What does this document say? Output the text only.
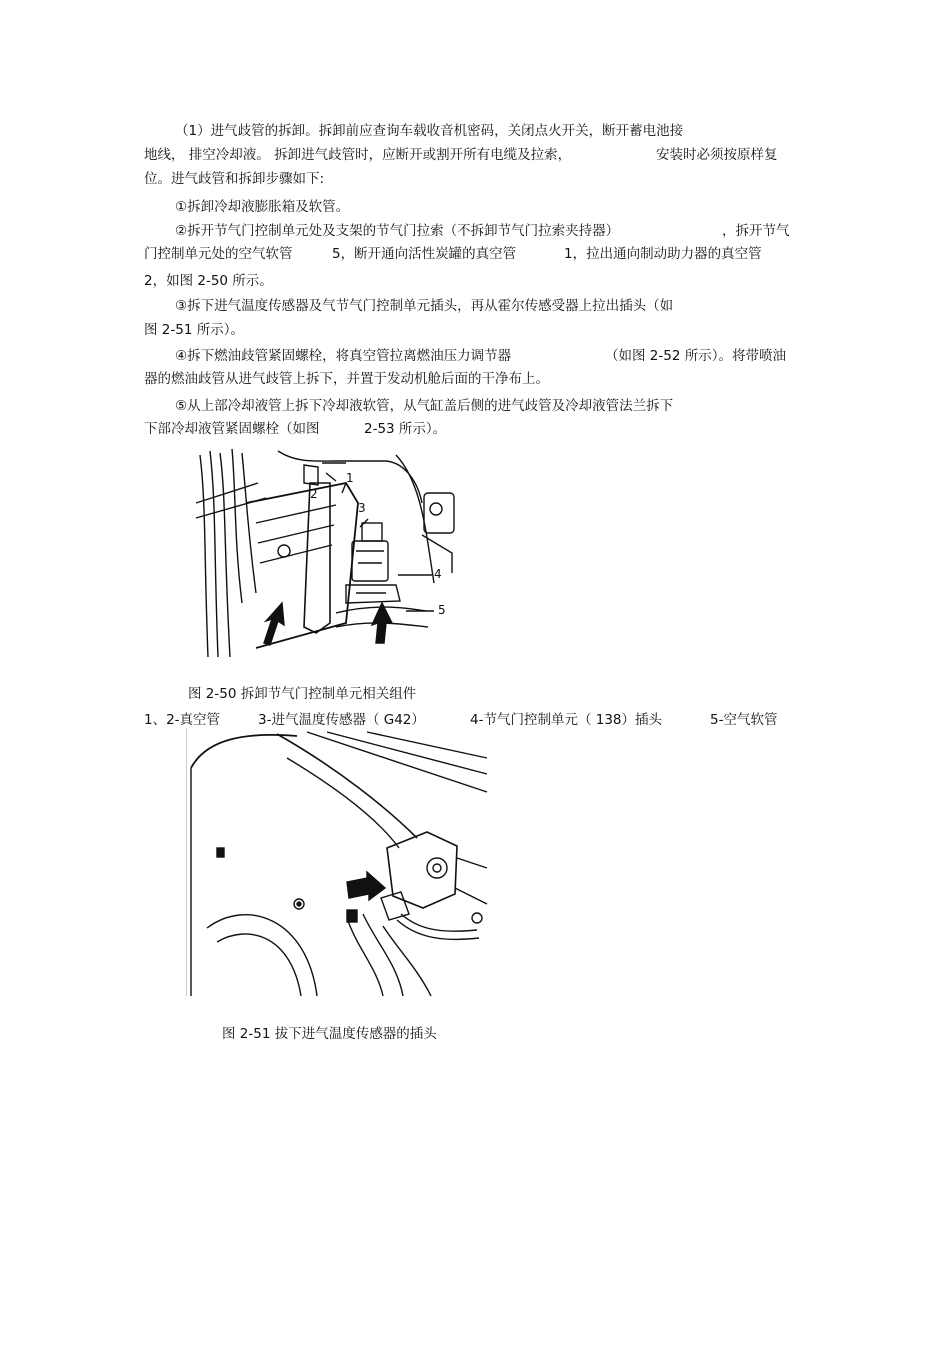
（1）进气歧管的拆卸。拆卸前应查询车载收音机密码，关闭点火开关，断开蓄电池接
地线， 排空冷却液。 拆卸进气歧管时，应断开或割开所有电缆及拉索，	安装时必须按原样复
位。进气歧管和拆卸步骤如下:
①拆卸冷却液膨胀箱及软管。
②拆开节气门控制单元处及支架的节气门拉索（不拆卸节气门拉索夹持器）	，拆开节气
门控制单元处的空气软管	5，断开通向活性炭罐的真空管	1，拉出通向制动助力器的真空管
2，如图 2-50 所示。
③拆下进气温度传感器及气节气门控制单元插头，再从霍尔传感受器上拉出插头（如
图 2-51 所示）。
④拆下燃油歧管紧固螺栓，将真空管拉离燃油压力调节器	（如图 2-52 所示）。将带喷油
器的燃油歧管从进气歧管上拆下，并置于发动机舱后面的干净布上。
⑤从上部冷却液管上拆下冷却液软管，从气缸盖后侧的进气歧管及冷却液管法兰拆下
下部冷却液管紧固螺栓（如图	2-53 所示）。
1
2
3
4
5
图 2-50 拆卸节气门控制单元相关组件
1、2-真空管	3-进气温度传感器（ G42）	4-节气门控制单元（ 138）插头	5-空气软管
图 2-51 拔下进气温度传感器的插头
